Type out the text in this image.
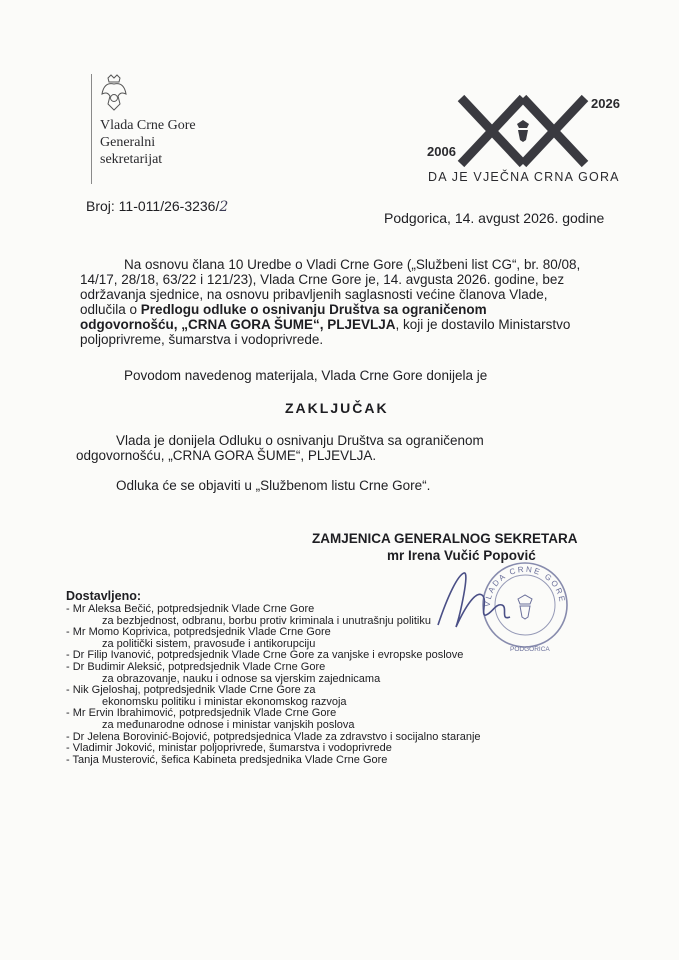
Vlada Crne Gore
Generalni
sekretarijat
2026
2006
DA JE VJEČNA CRNA GORA
Broj: 11-011/26-3236/2
Podgorica, 14. avgust 2026. godine
Na osnovu člana 10 Uredbe o Vladi Crne Gore („Službeni list CG“, br. 80/08,
14/17, 28/18, 63/22 i 121/23), Vlada Crne Gore je, 14. avgusta 2026. godine, bez
održavanja sjednice, na osnovu pribavljenih saglasnosti većine članova Vlade,
odlučila o Predlogu odluke o osnivanju Društva sa ograničenom
odgovornošću, „CRNA GORA ŠUME“, PLJEVLJA, koji je dostavilo Ministarstvo
poljoprivreme, šumarstva i vodoprivrede.
Povodom navedenog materijala, Vlada Crne Gore donijela je
ZAKLJUČAK
Vlada je donijela Odluku o osnivanju Društva sa ograničenom
odgovornošću, „CRNA GORA ŠUME“, PLJEVLJA.
Odluka će se objaviti u „Službenom listu Crne Gore“.
ZAMJENICA GENERALNOG SEKRETARA
mr Irena Vučić Popović
VLADA CRNE GORE
PODGORICA
Dostavljeno:
- Mr Aleksa Bečić, potpredsjednik Vlade Crne Gore
za bezbjednost, odbranu, borbu protiv kriminala i unutrašnju politiku
- Mr Momo Koprivica, potpredsjednik Vlade Crne Gore
za politički sistem, pravosuđe i antikorupciju
- Dr Filip Ivanović, potpredsjednik Vlade Crne Gore za vanjske i evropske poslove
- Dr Budimir Aleksić, potpredsjednik Vlade Crne Gore
za obrazovanje, nauku i odnose sa vjerskim zajednicama
- Nik Gjeloshaj, potpredsjednik Vlade Crne Gore za
ekonomsku politiku i ministar ekonomskog razvoja
- Mr Ervin Ibrahimović, potpredsjednik Vlade Crne Gore
za međunarodne odnose i ministar vanjskih poslova
- Dr Jelena Borovinić-Bojović, potpredsjednica Vlade za zdravstvo i socijalno staranje
- Vladimir Joković, ministar poljoprivrede, šumarstva i vodoprivrede
- Tanja Musterović, šefica Kabineta predsjednika Vlade Crne Gore
